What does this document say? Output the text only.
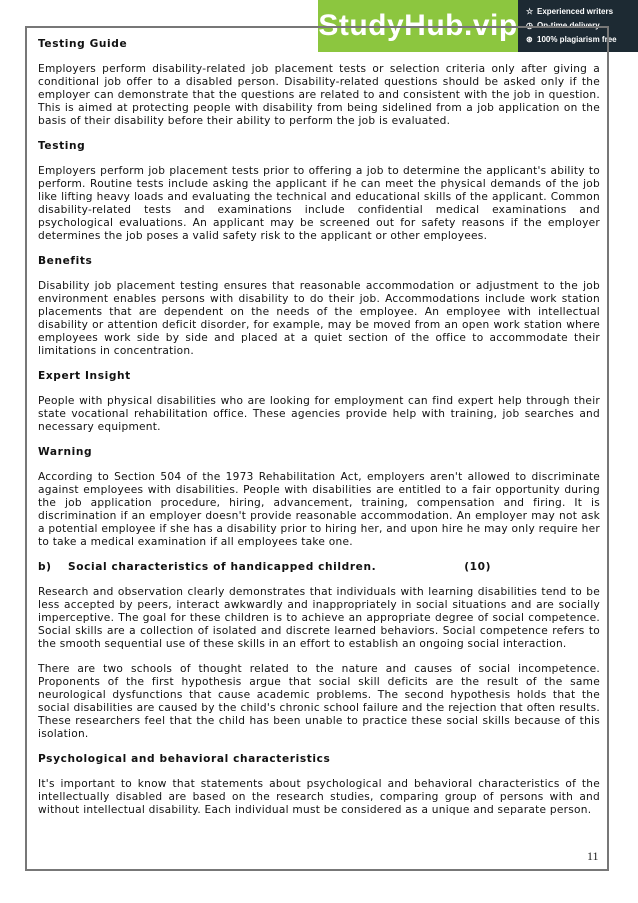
StudyHub.vip ☆ Experienced writers
◷ On-time delivery
⊛ 100% plagiarism free
Testing Guide

Employers perform disability-related job placement tests or selection criteria only after giving a conditional job offer to a disabled person. Disability-related questions should be asked only if the employer can demonstrate that the questions are related to and consistent with the job in question. This is aimed at protecting people with disability from being sidelined from a job application on the basis of their disability before their ability to perform the job is evaluated.

Testing

Employers perform job placement tests prior to offering a job to determine the applicant's ability to perform. Routine tests include asking the applicant if he can meet the physical demands of the job like lifting heavy loads and evaluating the technical and educational skills of the applicant. Common disability-related tests and examinations include confidential medical examinations and psychological evaluations. An applicant may be screened out for safety reasons if the employer determines the job poses a valid safety risk to the applicant or other employees.

Benefits

Disability job placement testing ensures that reasonable accommodation or adjustment to the job environment enables persons with disability to do their job. Accommodations include work station placements that are dependent on the needs of the employee. An employee with intellectual disability or attention deficit disorder, for example, may be moved from an open work station where employees work side by side and placed at a quiet section of the office to accommodate their limitations in concentration.

Expert Insight

People with physical disabilities who are looking for employment can find expert help through their state vocational rehabilitation office. These agencies provide help with training, job searches and necessary equipment.

Warning

According to Section 504 of the 1973 Rehabilitation Act, employers aren't allowed to discriminate against employees with disabilities. People with disabilities are entitled to a fair opportunity during the job application procedure, hiring, advancement, training, compensation and firing. It is discrimination if an employer doesn't provide reasonable accommodation. An employer may not ask a potential employee if she has a disability prior to hiring her, and upon hire he may only require her to take a medical examination if all employees take one.

b)	Social characteristics of handicapped children.	(10)

Research and observation clearly demonstrates that individuals with learning disabilities tend to be less accepted by peers, interact awkwardly and inappropriately in social situations and are socially imperceptive. The goal for these children is to achieve an appropriate degree of social competence. Social skills are a collection of isolated and discrete learned behaviors. Social competence refers to the smooth sequential use of these skills in an effort to establish an ongoing social interaction.

There are two schools of thought related to the nature and causes of social incompetence. Proponents of the first hypothesis argue that social skill deficits are the result of the same neurological dysfunctions that cause academic problems. The second hypothesis holds that the social disabilities are caused by the child's chronic school failure and the rejection that often results. These researchers feel that the child has been unable to practice these social skills because of this isolation.

Psychological and behavioral characteristics

It's important to know that statements about psychological and behavioral characteristics of the intellectually disabled are based on the research studies, comparing group of persons with and without intellectual disability. Each individual must be considered as a unique and separate person.

11
